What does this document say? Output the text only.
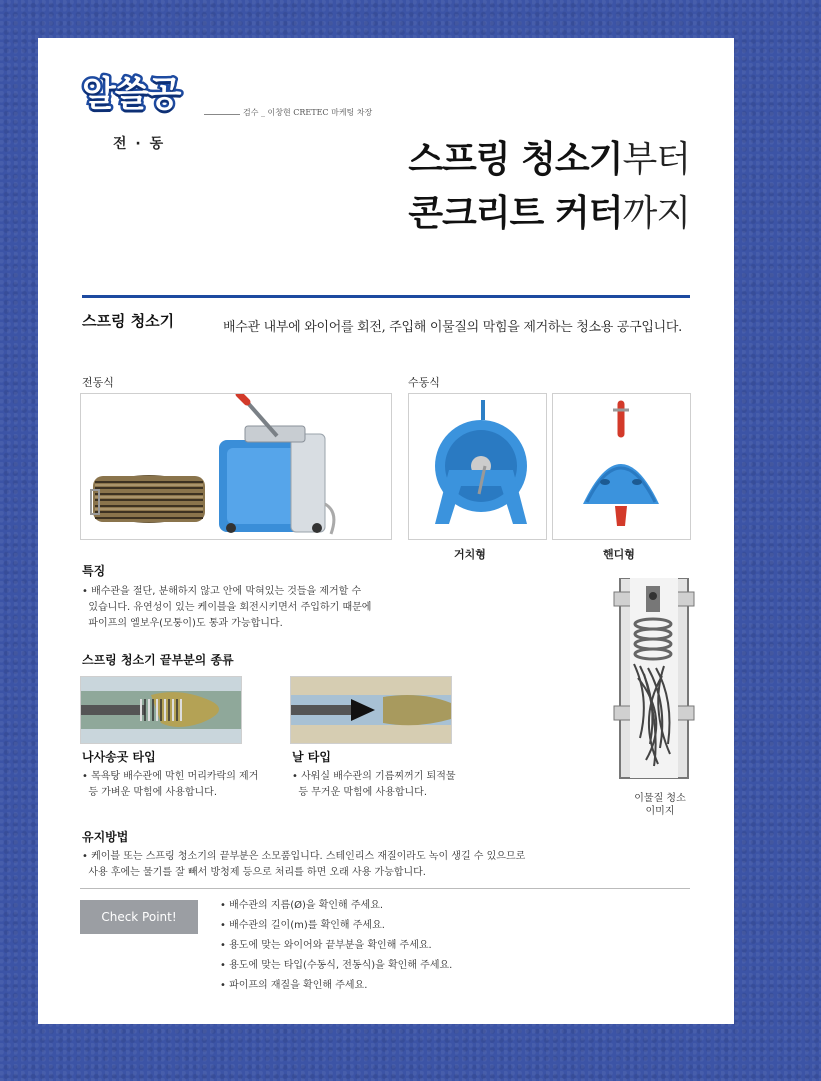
알쓸공
전 · 동
검수 _ 이창현 CRETEC 마케팅 차장
스프링 청소기부터
콘크리트 커터까지
스프링 청소기	배수관 내부에 와이어를 회전, 주입해 이물질의 막힘을 제거하는 청소용 공구입니다.
전동식	수동식
거치형	핸디형
특징
• 배수관을 절단, 분해하지 않고 안에 막혀있는 것들을 제거할 수
있습니다. 유연성이 있는 케이블을 회전시키면서 주입하기 때문에
파이프의 엘보우(모퉁이)도 통과 가능합니다.
스프링 청소기 끝부분의 종류
나사송곳 타입
• 목욕탕 배수관에 막힌 머리카락의 제거
등 가벼운 막힘에 사용합니다.
날 타입
• 사워실 배수관의 기름찌꺼기 퇴적물
등 무거운 막힘에 사용합니다.
이물질 청소
이미지
유지방법
• 케이블 또는 스프링 청소기의 끝부분은 소모품입니다. 스테인리스 재질이라도 녹이 생길 수 있으므로
사용 후에는 물기를 잘 빼서 방청제 등으로 처리를 하면 오래 사용 가능합니다.
Check Point!
• 배수관의 지름(Ø)을 확인해 주세요.
• 배수관의 길이(m)를 확인해 주세요.
• 용도에 맞는 와이어와 끝부분을 확인해 주세요.
• 용도에 맞는 타입(수동식, 전동식)을 확인해 주세요.
• 파이프의 재질을 확인해 주세요.
